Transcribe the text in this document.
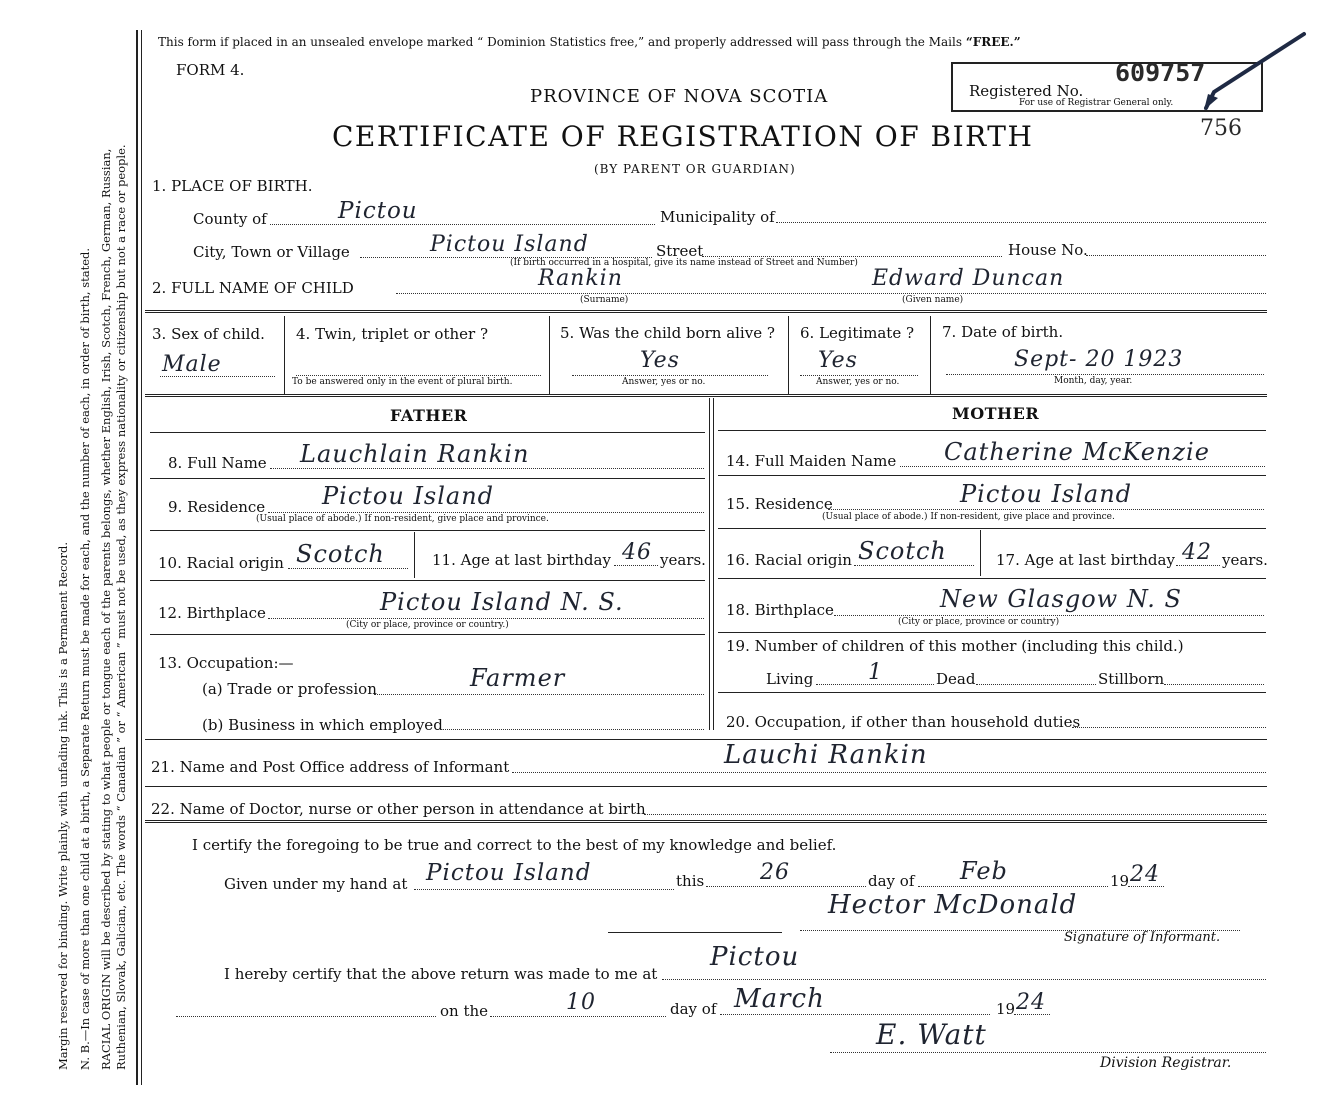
Margin reserved for binding. Write plainly, with unfading ink. This is a Permanent Record. N. B.—In case of more than one child at a birth, a Separate Return must be made for each, and the number of each, in order of birth, stated. RACIAL ORIGIN will be described by stating to what people or tongue each of the parents belongs, whether English, Irish, Scotch, French, German, Russian, Ruthenian, Slovak, Galician, etc. The words “ Canadian ” or “ American ” must not be used, as they express nationality or citizenship but not a race or people.
This form if placed in an unsealed envelope marked “ Dominion Statistics free,” and properly addressed will pass through the Mails “FREE.”
FORM 4.
Registered No.
For use of Registrar General only.
609757
756
PROVINCE OF NOVA SCOTIA
CERTIFICATE OF REGISTRATION OF BIRTH
(BY PARENT OR GUARDIAN)
1. PLACE OF BIRTH.
County of	Pictou	Municipality of
City, Town or Village	Pictou Island	Street	House No.
(If birth occurred in a hospital, give its name instead of Street and Number)
2. FULL NAME OF CHILD	Rankin
(Surname)
Edward Duncan
(Given name)
3. Sex of child.
Male
4. Twin, triplet or other ?
To be answered only in the event of plural birth.
5. Was the child born alive ?
Yes
Answer, yes or no.
6. Legitimate ?
Yes
Answer, yes or no.
7. Date of birth.
Sept- 20 1923
Month, day, year.
FATHER	MOTHER
8. Full Name Lauchlain Rankin	14. Full Maiden Name Catherine McKenzie
9. Residence Pictou Island
(Usual place of abode.) If non-resident, give place and province.
15. Residence	Pictou Island
(Usual place of abode.) If non-resident, give place and province.
10. Racial origin Scotch	11. Age at last birthday 46 years. 16. Racial origin Scotch	17. Age at last birthday 42 years.
12. Birthplace	Pictou Island N. S.
(City or place, province or country.)
18. Birthplace	New Glasgow N. S
(City or place, province or country)
13. Occupation:—
(a) Trade or profession	Farmer
(b) Business in which employed
19. Number of children of this mother (including this child.)
Living 1	Dead	Stillborn
20. Occupation, if other than household duties
21. Name and Post Office address of Informant	Lauchi Rankin
22. Name of Doctor, nurse or other person in attendance at birth
I certify the foregoing to be true and correct to the best of my knowledge and belief.
Given under my hand at Pictou Island	this	26	day of Feb	19 24
Hector McDonald
Signature of Informant.
I hereby certify that the above return was made to me at
Pictou
on the	10	day of March	19 24
E. Watt
Division Registrar.
